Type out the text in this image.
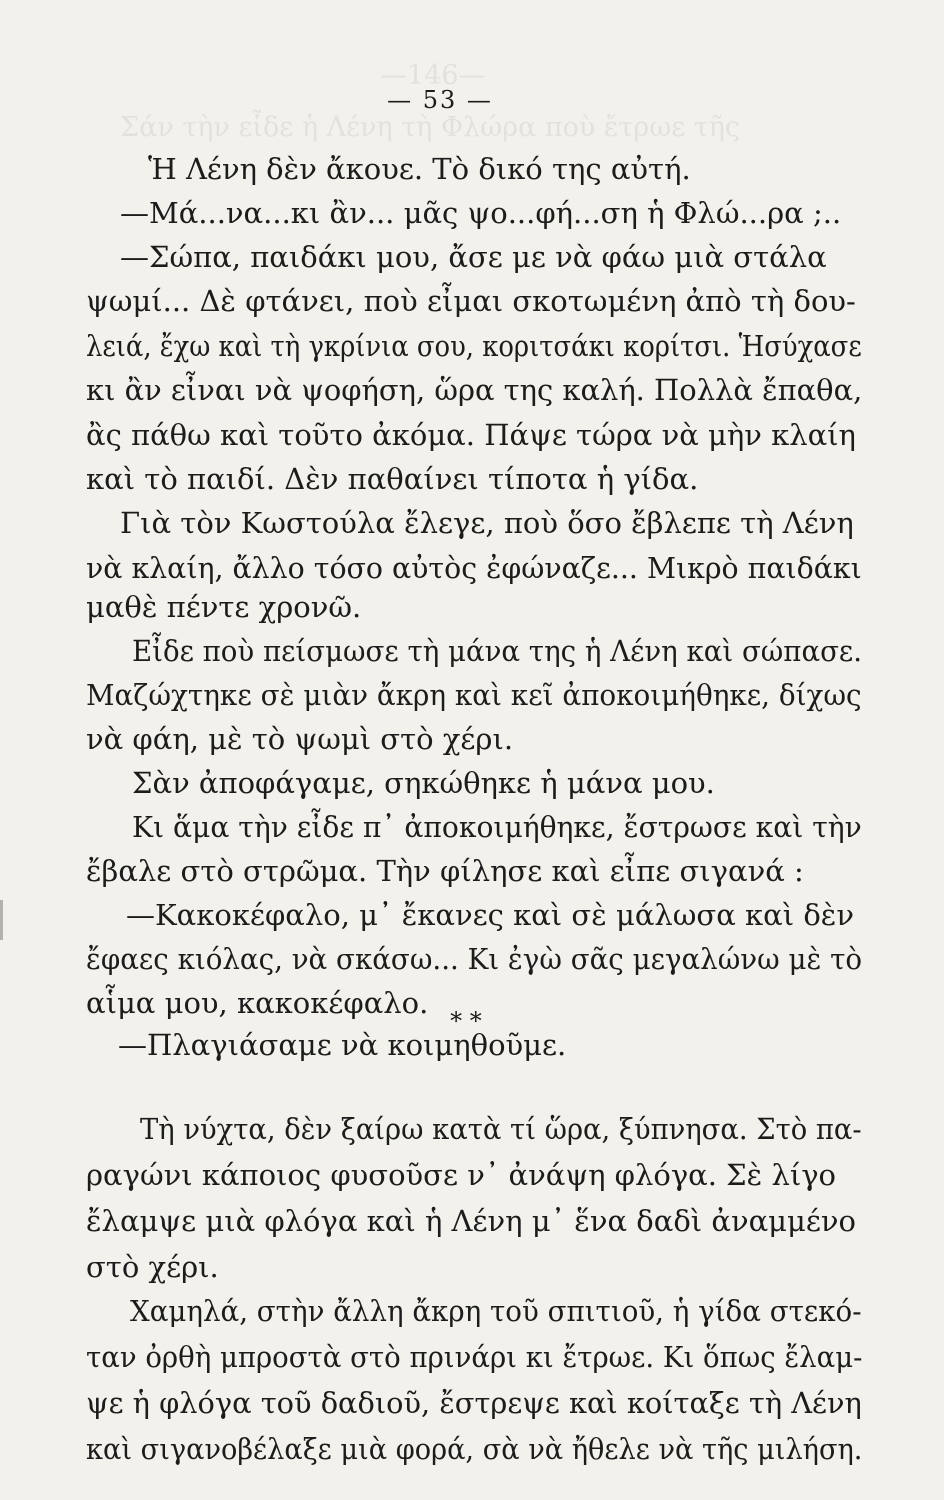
—146—
Σάν τὴν εἶδε ἡ Λένη τὴ Φλώρα ποὺ ἔτρωε τῆς
— 53 —
Ἡ Λένη δὲν ἄκουε. Τὸ δικό της αὐτή.
—Μά...να...κι ἂν... μᾶς ψο...φή...ση ἡ Φλώ...ρα ;..
—Σώπα, παιδάκι μου, ἄσε με νὰ φάω μιὰ στάλα
ψωμί... Δὲ φτάνει, ποὺ εἶμαι σκοτωμένη ἀπὸ τὴ δου-
λειά, ἔχω καὶ τὴ γκρίνια σου, κοριτσάκι κορίτσι. Ἡσύχασε
κι ἂν εἶναι νὰ ψοφήση, ὥρα της καλή. Πολλὰ ἔπαθα,
ἂς πάθω καὶ τοῦτο ἀκόμα. Πάψε τώρα νὰ μὴν κλαίη
καὶ τὸ παιδί. Δὲν παθαίνει τίποτα ἡ γίδα.
Γιὰ τὸν Κωστούλα ἔλεγε, ποὺ ὅσο ἔβλεπε τὴ Λένη
νὰ κλαίη, ἄλλο τόσο αὐτὸς ἐφώναζε... Μικρὸ παιδάκι
μαθὲ πέντε χρονῶ.
Εἶδε ποὺ πείσμωσε τὴ μάνα της ἡ Λένη καὶ σώπασε.
Μαζώχτηκε σὲ μιὰν ἄκρη καὶ κεῖ ἀποκοιμήθηκε, δίχως
νὰ φάη, μὲ τὸ ψωμὶ στὸ χέρι.
Σὰν ἀποφάγαμε, σηκώθηκε ἡ μάνα μου.
Κι ἅμα τὴν εἶδε π᾿ ἀποκοιμήθηκε, ἔστρωσε καὶ τὴν
ἔβαλε στὸ στρῶμα. Τὴν φίλησε καὶ εἶπε σιγανά :
—Κακοκέφαλο, μ᾿ ἔκανες καὶ σὲ μάλωσα καὶ δὲν
ἔφαες κιόλας, νὰ σκάσω... Κι ἐγὼ σᾶς μεγαλώνω μὲ τὸ
αἷμα μου, κακοκέφαλο.
—Πλαγιάσαμε νὰ κοιμηθοῦμε.
* *
Τὴ νύχτα, δὲν ξαίρω κατὰ τί ὥρα, ξύπνησα. Στὸ πα-
ραγώνι κάποιος φυσοῦσε ν᾿ ἀνάψη φλόγα. Σὲ λίγο
ἔλαμψε μιὰ φλόγα καὶ ἡ Λένη μ᾿ ἕνα δαδὶ ἀναμμένο
στὸ χέρι.
Χαμηλά, στὴν ἄλλη ἄκρη τοῦ σπιτιοῦ, ἡ γίδα στεκό-
ταν ὀρθὴ μπροστὰ στὸ πρινάρι κι ἔτρωε. Κι ὅπως ἔλαμ-
ψε ἡ φλόγα τοῦ δαδιοῦ, ἔστρεψε καὶ κοίταξε τὴ Λένη
καὶ σιγανοβέλαξε μιὰ φορά, σὰ νὰ ἤθελε νὰ τῆς μιλήση.
